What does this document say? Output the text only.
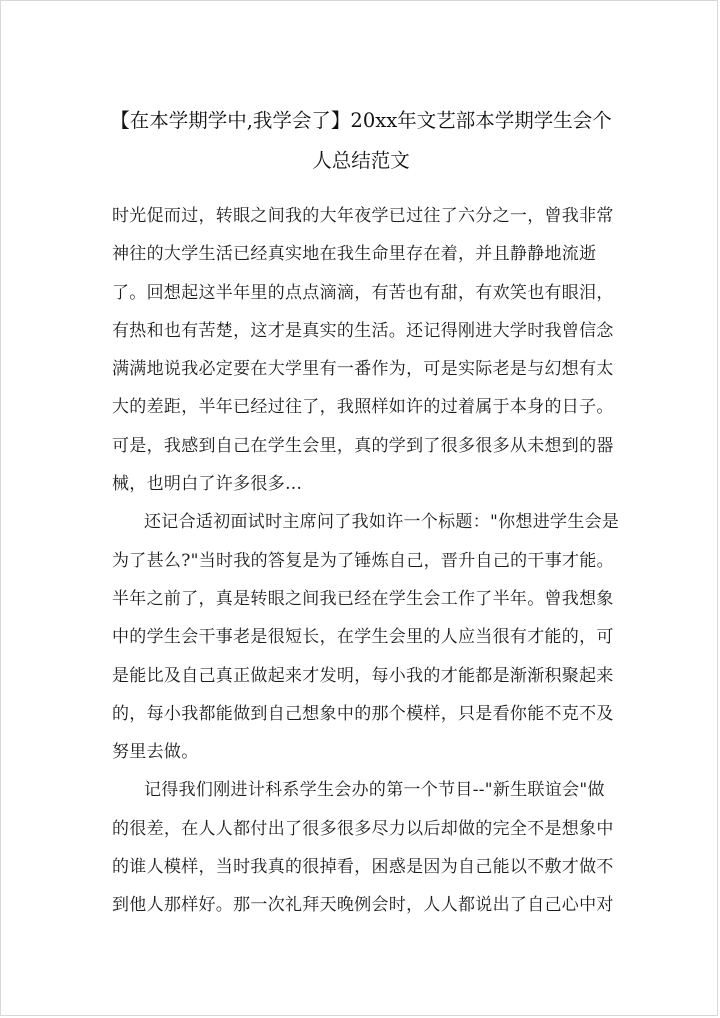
【在本学期学中,我学会了】20xx年文艺部本学期学生会个
人总结范文
时光促而过，转眼之间我的大年夜学已过往了六分之一，曾我非常
神往的大学生活已经真实地在我生命里存在着，并且静静地流逝
了。回想起这半年里的点点滴滴，有苦也有甜，有欢笑也有眼泪，
有热和也有苦楚，这才是真实的生活。还记得刚进大学时我曾信念
满满地说我必定要在大学里有一番作为，可是实际老是与幻想有太
大的差距，半年已经过往了，我照样如许的过着属于本身的日子。
可是，我感到自己在学生会里，真的学到了很多很多从未想到的器
械，也明白了许多很多…
还记合适初面试时主席问了我如许一个标题："你想进学生会是
为了甚么?"当时我的答复是为了锤炼自己，晋升自己的干事才能。
半年之前了，真是转眼之间我已经在学生会工作了半年。曾我想象
中的学生会干事老是很短长，在学生会里的人应当很有才能的，可
是能比及自己真正做起来才发明，每小我的才能都是渐渐积聚起来
的，每小我都能做到自己想象中的那个模样，只是看你能不克不及
努里去做。
记得我们刚进计科系学生会办的第一个节目--"新生联谊会"做
的很差，在人人都付出了很多很多尽力以后却做的完全不是想象中
的谁人模样，当时我真的很掉看，困惑是因为自己能以不敷才做不
到他人那样好。那一次礼拜天晚例会时，人人都说出了自己心中对
